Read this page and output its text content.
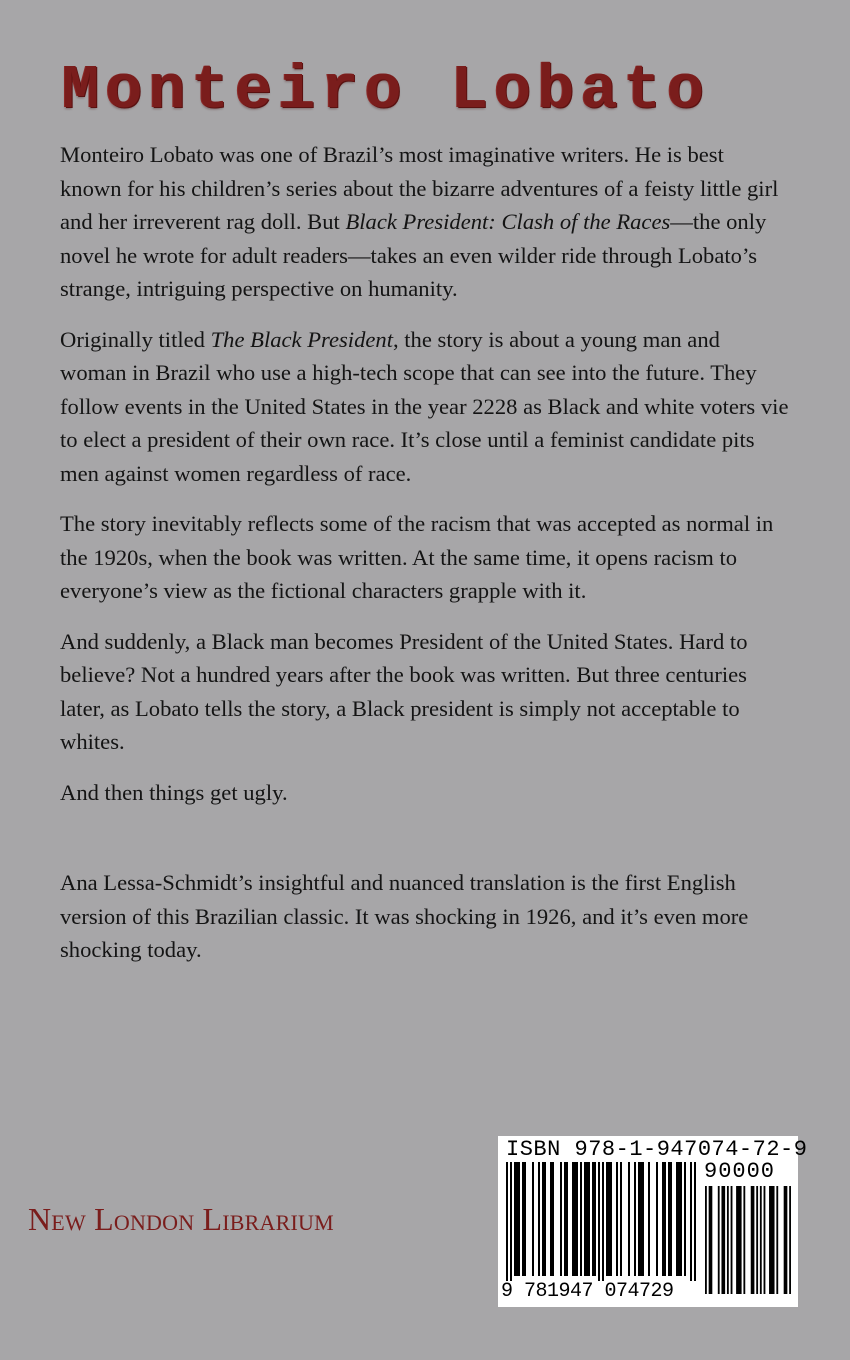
Monteiro Lobato

Monteiro Lobato was one of Brazil’s most imaginative writers. He is best known for his children’s series about the bizarre adventures of a feisty little girl and her irreverent rag doll. But Black President: Clash of the Races—the only novel he wrote for adult readers—takes an even wilder ride through Lobato’s strange, intriguing perspective on humanity.

Originally titled The Black President, the story is about a young man and woman in Brazil who use a high-tech scope that can see into the future. They follow events in the United States in the year 2228 as Black and white voters vie to elect a president of their own race. It’s close until a feminist candidate pits men against women regardless of race.

The story inevitably reflects some of the racism that was accepted as normal in the 1920s, when the book was written. At the same time, it opens racism to everyone’s view as the fictional characters grapple with it.

And suddenly, a Black man becomes President of the United States. Hard to believe? Not a hundred years after the book was written. But three centuries later, as Lobato tells the story, a Black president is simply not acceptable to whites.

And then things get ugly.

Ana Lessa-Schmidt’s insightful and nuanced translation is the first English version of this Brazilian classic. It was shocking in 1926, and it’s even more shocking today.

New London Librarium
ISBN 978-1-947074-72-9
90000
9 781947 074729
